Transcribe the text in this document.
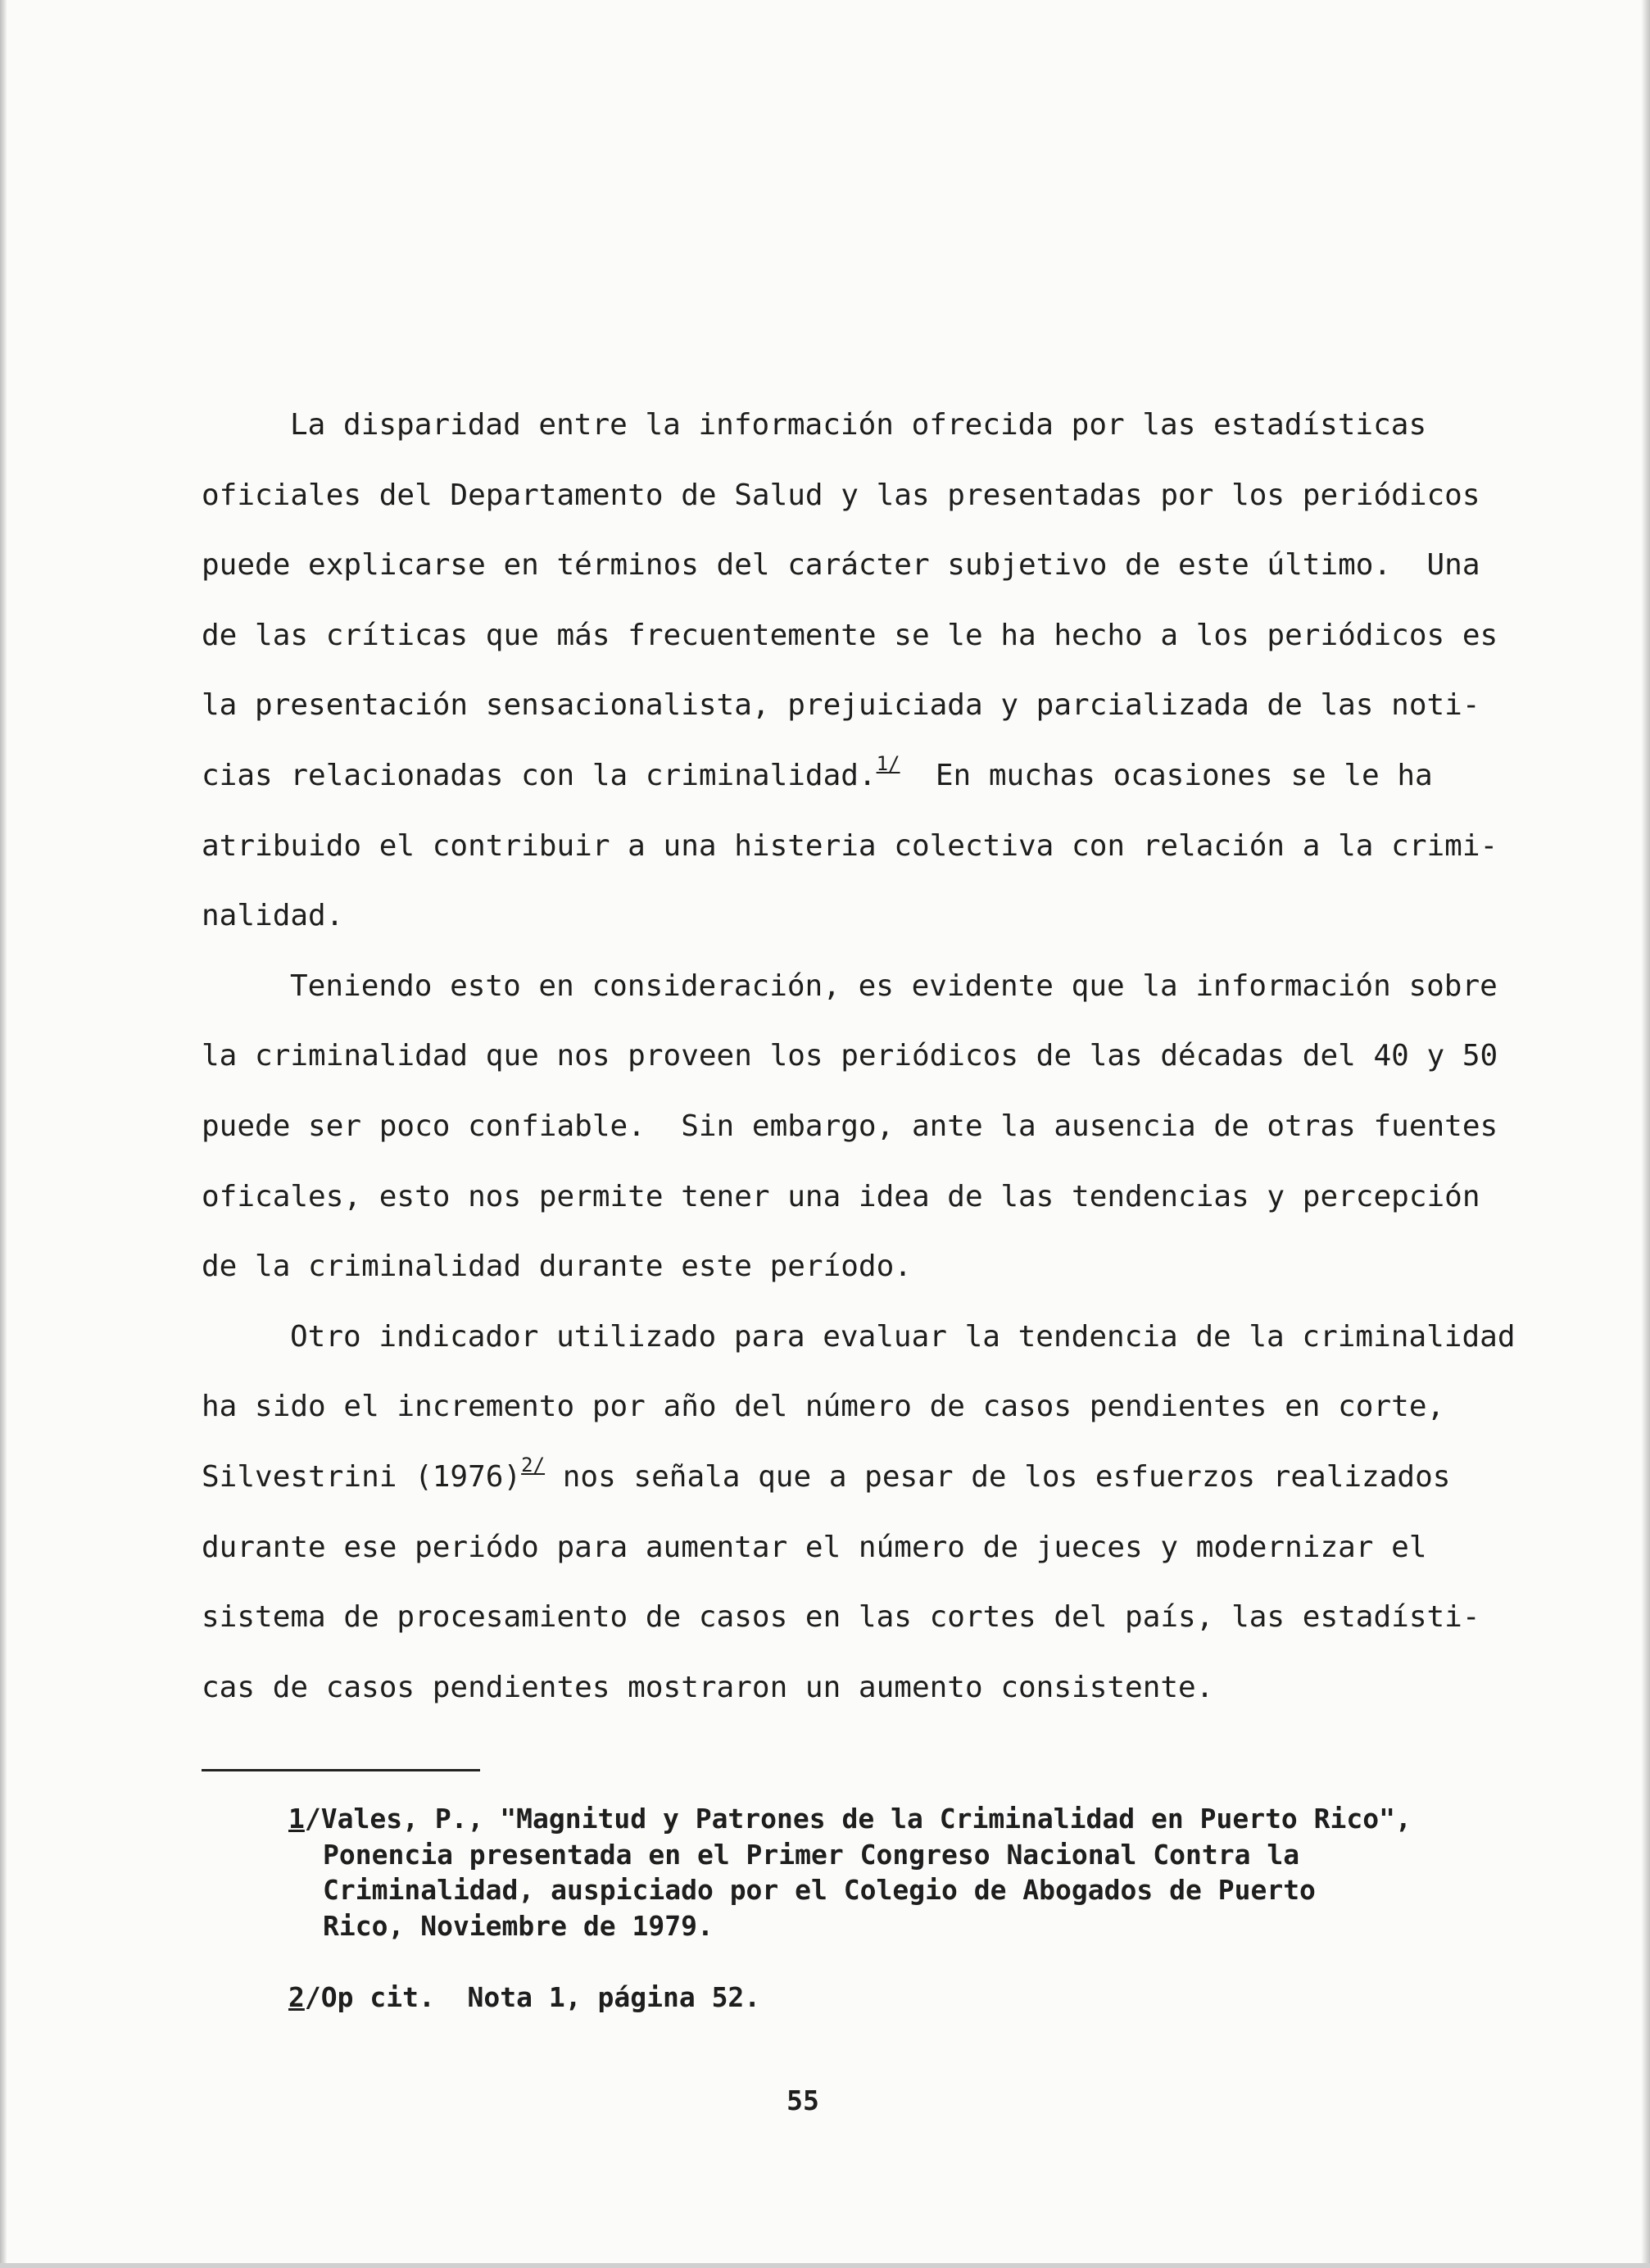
La disparidad entre la información ofrecida por las estadísticas
oficiales del Departamento de Salud y las presentadas por los periódicos
puede explicarse en términos del carácter subjetivo de este último.  Una
de las críticas que más frecuentemente se le ha hecho a los periódicos es
la presentación sensacionalista, prejuiciada y parcializada de las noti-
cias relacionadas con la criminalidad.$^{1/}$  En muchas ocasiones se le ha
atribuido el contribuir a una histeria colectiva con relación a la crimi-
nalidad.
Teniendo esto en consideración, es evidente que la información sobre
la criminalidad que nos proveen los periódicos de las décadas del 40 y 50
puede ser poco confiable.  Sin embargo, ante la ausencia de otras fuentes
oficales, esto nos permite tener una idea de las tendencias y percepción
de la criminalidad durante este período.
Otro indicador utilizado para evaluar la tendencia de la criminalidad
ha sido el incremento por año del número de casos pendientes en corte,
Silvestrini $(1976)^{2/}$ nos señala que a pesar de los esfuerzos realizados
durante ese periódo para aumentar el número de jueces y modernizar el
sistema de procesamiento de casos en las cortes del país, las estadísti-
cas de casos pendientes mostraron un aumento consistente.
1/Vales, P., "Magnitud y Patrones de la Criminalidad en Puerto Rico",
Ponencia presentada en el Primer Congreso Nacional Contra la
Criminalidad, auspiciado por el Colegio de Abogados de Puerto
Rico, Noviembre de 1979.
2/Op cit.  Nota 1, página 52.
55
